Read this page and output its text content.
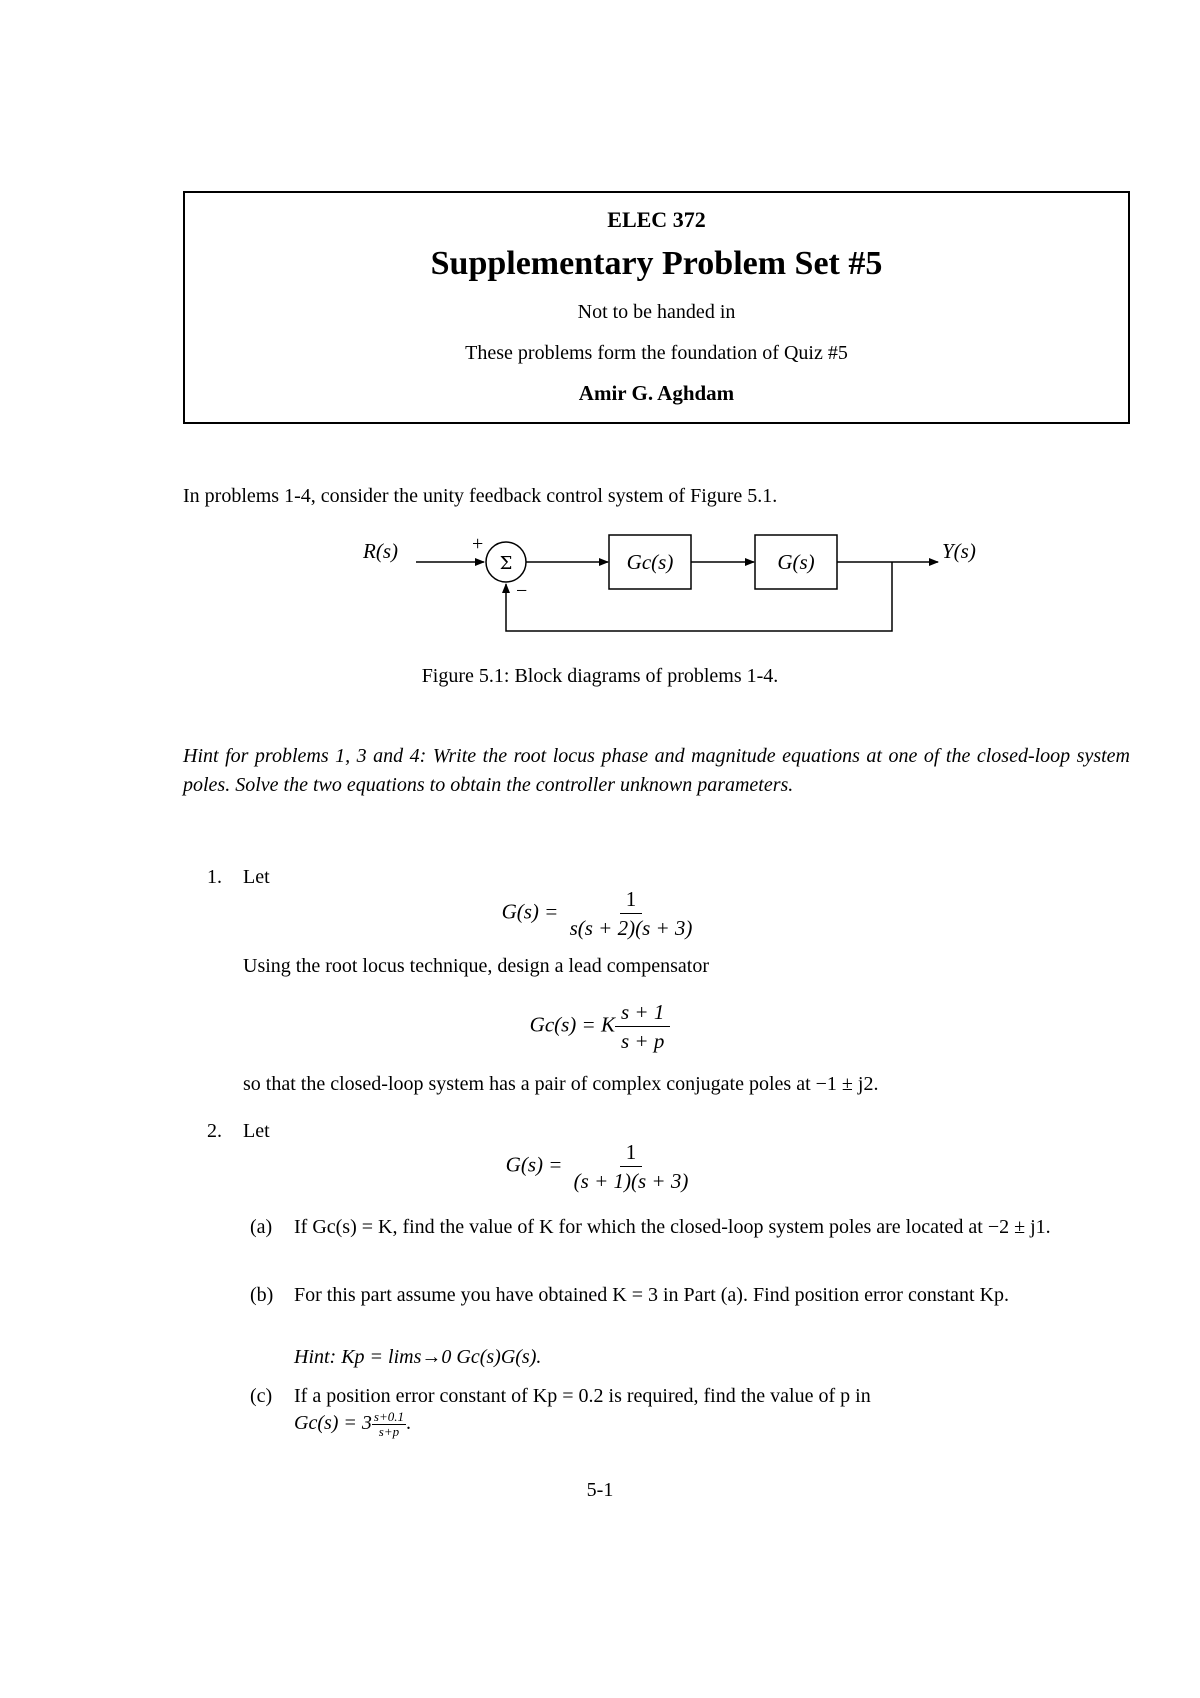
ELEC 372
Supplementary Problem Set #5
Not to be handed in
These problems form the foundation of Quiz #5
Amir G. Aghdam
In problems 1-4, consider the unity feedback control system of Figure 5.1.
R(s)	+
Σ
−
Gc(s)	G(s)	Y(s)
Figure 5.1: Block diagrams of problems 1-4.
Hint for problems 1, 3 and 4: Write the root locus phase and magnitude equations at one of the closed-loop system poles. Solve the two equations to obtain the controller unknown parameters.
1. Let
$G(s) = \frac{1}{s(s + 2)(s + 3)}$
Using the root locus technique, design a lead compensator
Gc(s) = K $\frac{s + 1}{s + p}$
so that the closed-loop system has a pair of complex conjugate poles at −1 ± j2.
2. Let
$G(s) = \frac{1}{(s + 1)(s + 3)}$
(a) If Gc(s) = K, find the value of K for which the closed-loop system poles are located at −2 ± j1.
(b) For this part assume you have obtained K = 3 in Part (a). Find position error constant Kp.
Hint: Kp = lims→0 Gc(s)G(s).
(c) If a position error constant of Kp = 0.2 is required, find the value of p in
$Gc(s) = 3 \frac{s+0.1}{s+p}$ .
5-1
